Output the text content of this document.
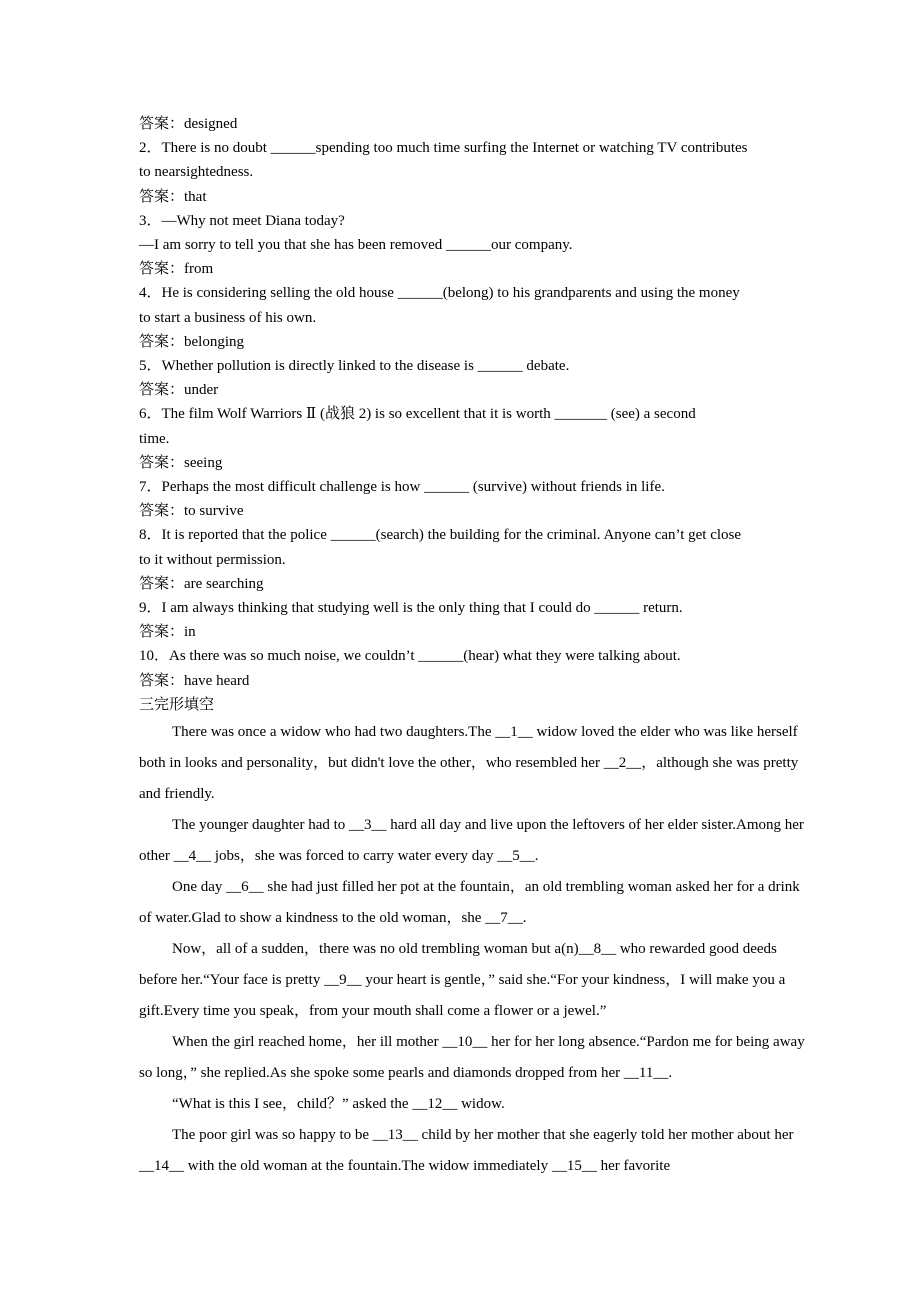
答案：designed

2．There is no doubt ______spending too much time surfing the Internet or watching TV contributes

to nearsightedness.

答案：that

3．—Why not meet Diana today?

—I am sorry to tell you that she has been removed ______our company.

答案：from

4．He is considering selling the old house ______(belong) to his grandparents and using the money

to start a business of his own.

答案：belonging

5．Whether pollution is directly linked to the disease is ______ debate.

答案：under

6．The film Wolf Warriors Ⅱ (战狼 2) is so excellent that it is worth _______ (see) a second

time.

答案：seeing

7．Perhaps the most difficult challenge is how ______ (survive) without friends in life.

答案：to survive

8．It is reported that the police ______(search) the building for the criminal. Anyone can’t get close

to it without permission.

答案：are searching

9．I am always thinking that studying well is the only thing that I could do ______ return.

答案：in

10．As there was so much noise, we couldn’t ______(hear) what they were talking about.

答案：have heard

三完形填空

There was once a widow who had two daughters.The __1__ widow loved the elder who was like herself both in looks and personality，but didn't love the other，who resembled her __2__，although she was pretty and friendly.

The younger daughter had to __3__ hard all day and live upon the leftovers of her elder sister.Among her other __4__ jobs，she was forced to carry water every day __5__.

One day __6__ she had just filled her pot at the fountain，an old trembling woman asked her for a drink of water.Glad to show a kindness to the old woman，she __7__.

Now，all of a sudden，there was no old trembling woman but a(n)__8__ who rewarded good deeds before her.“Your face is pretty __9__ your heart is gentle，” said she.“For your kindness，I will make you a gift.Every time you speak，from your mouth shall come a flower or a jewel.”

When the girl reached home，her ill mother __10__ her for her long absence.“Pardon me for being away so long，” she replied.As she spoke some pearls and diamonds dropped from her __11__.

“What is this I see，child？” asked the __12__ widow.

The poor girl was so happy to be __13__ child by her mother that she eagerly told her mother about her __14__ with the old woman at the fountain.The widow immediately __15__ her favorite
